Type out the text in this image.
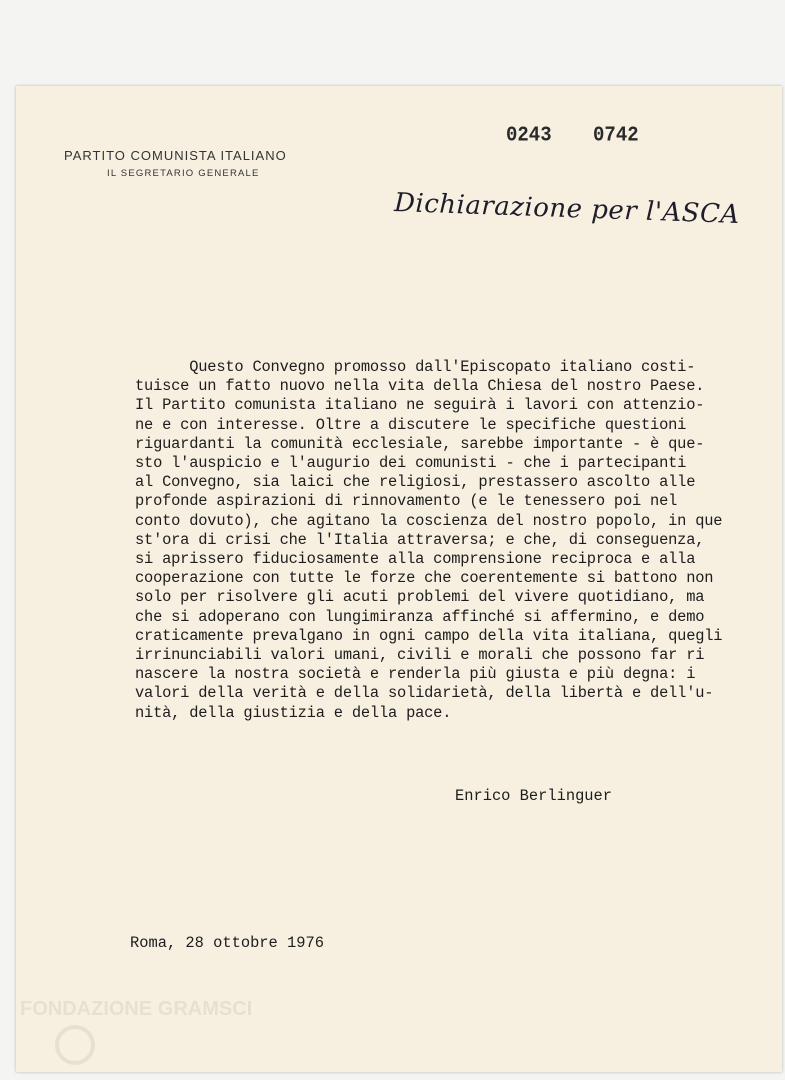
PARTITO COMUNISTA ITALIANO
IL SEGRETARIO GENERALE
0243 0742
Dichiarazione per l'ASCA
Questo Convegno promosso dall'Episcopato italiano costi-
tuisce un fatto nuovo nella vita della Chiesa del nostro Paese.
Il Partito comunista italiano ne seguirà i lavori con attenzio-
ne e con interesse. Oltre a discutere le specifiche questioni
riguardanti la comunità ecclesiale, sarebbe importante - è que-
sto l'auspicio e l'augurio dei comunisti - che i partecipanti
al Convegno, sia laici che religiosi, prestassero ascolto alle
profonde aspirazioni di rinnovamento (e le tenessero poi nel
conto dovuto), che agitano la coscienza del nostro popolo, in que
st'ora di crisi che l'Italia attraversa; e che, di conseguenza,
si aprissero fiduciosamente alla comprensione reciproca e alla
cooperazione con tutte le forze che coerentemente si battono non
solo per risolvere gli acuti problemi del vivere quotidiano, ma
che si adoperano con lungimiranza affinché si affermino, e demo
craticamente prevalgano in ogni campo della vita italiana, quegli
irrinunciabili valori umani, civili e morali che possono far ri
nascere la nostra società e renderla più giusta e più degna: i
valori della verità e della solidarietà, della libertà e dell'u-
nità, della giustizia e della pace.
Enrico Berlinguer
Roma, 28 ottobre 1976
FONDAZIONE GRAMSCI
